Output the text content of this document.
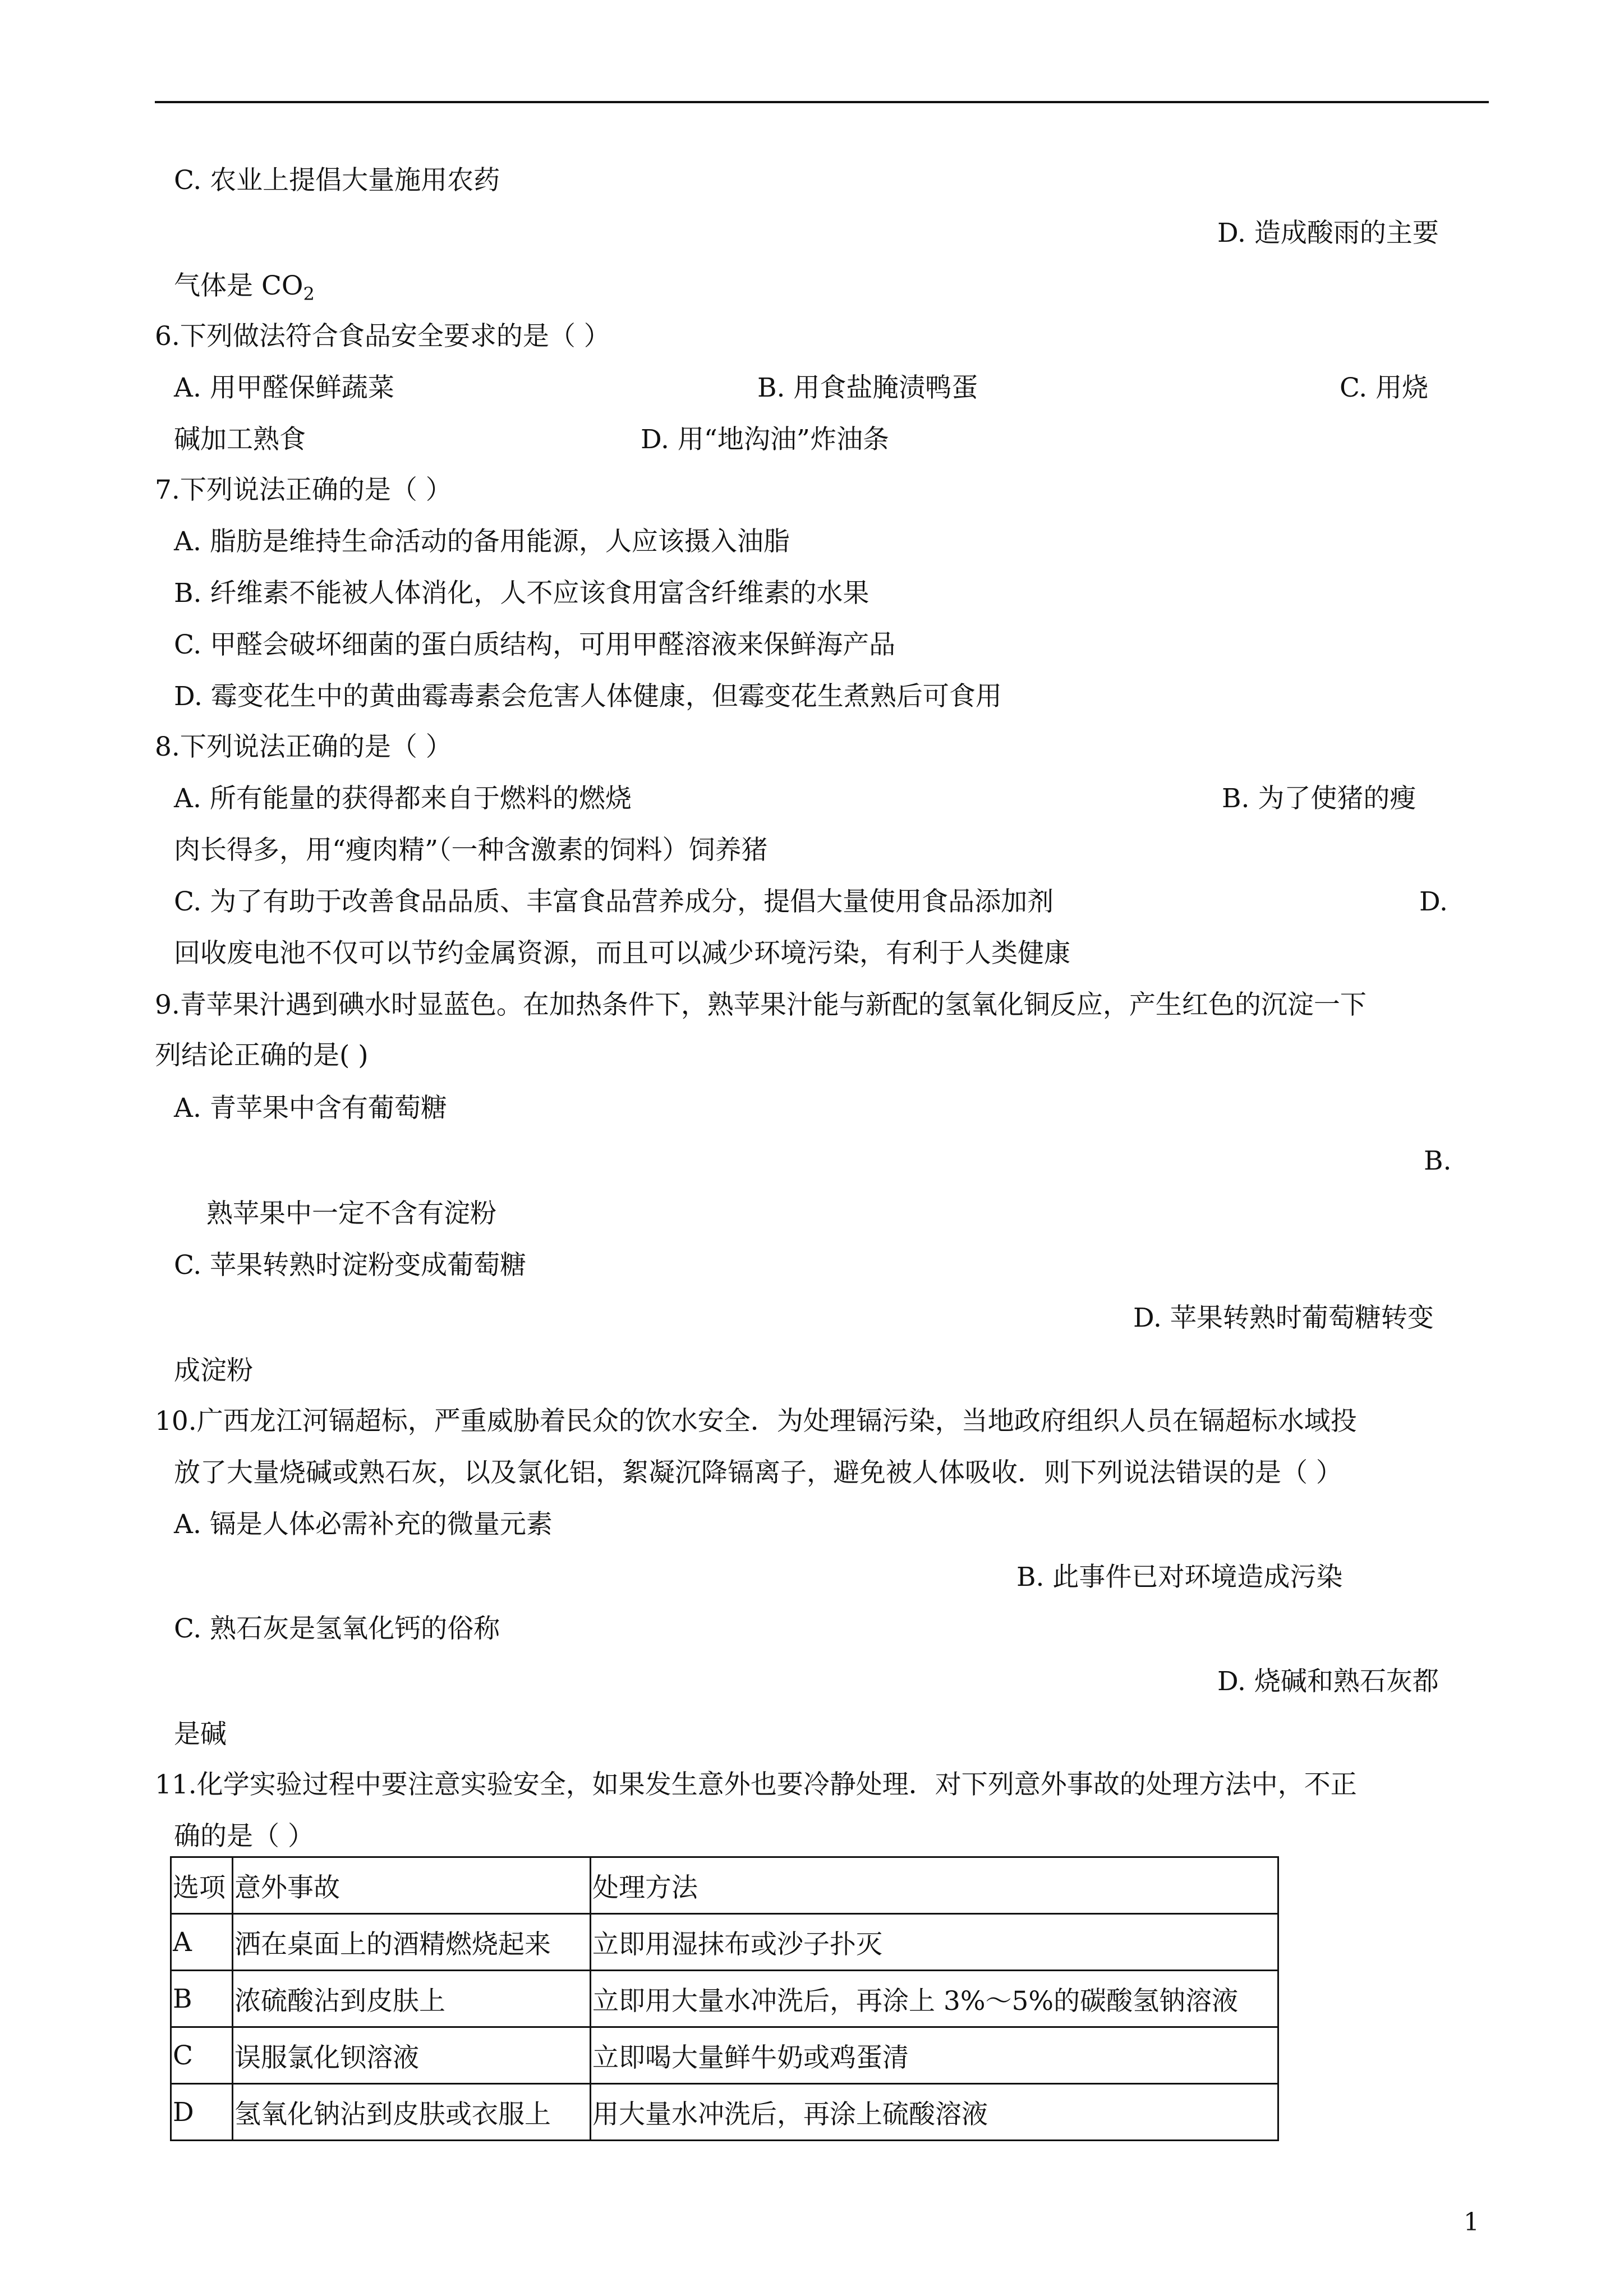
C. 农业上提倡大量施用农药
D. 造成酸雨的主要
气体是 $CO_2$
6.下列做法符合食品安全要求的是（ ）
A. 用甲醛保鲜蔬菜	B. 用食盐腌渍鸭蛋	C. 用烧
碱加工熟食	D. 用“地沟油”炸油条
7.下列说法正确的是（ ）
A. 脂肪是维持生命活动的备用能源，人应该摄入油脂
B. 纤维素不能被人体消化，人不应该食用富含纤维素的水果
C. 甲醛会破坏细菌的蛋白质结构，可用甲醛溶液来保鲜海产品
D. 霉变花生中的黄曲霉毒素会危害人体健康，但霉变花生煮熟后可食用
8.下列说法正确的是（ ）
A. 所有能量的获得都来自于燃料的燃烧	B. 为了使猪的瘦
肉长得多，用“瘦肉精”（一种含激素的饲料）饲养猪
C. 为了有助于改善食品品质、丰富食品营养成分，提倡大量使用食品添加剂	D.
回收废电池不仅可以节约金属资源，而且可以减少环境污染，有利于人类健康
9.青苹果汁遇到碘水时显蓝色。在加热条件下，熟苹果汁能与新配的氢氧化铜反应，产生红色的沉淀一下
列结论正确的是( )
A. 青苹果中含有葡萄糖
B.
熟苹果中一定不含有淀粉
C. 苹果转熟时淀粉变成葡萄糖
D. 苹果转熟时葡萄糖转变
成淀粉
10.广西龙江河镉超标，严重威胁着民众的饮水安全．为处理镉污染，当地政府组织人员在镉超标水域投
放了大量烧碱或熟石灰，以及氯化铝，絮凝沉降镉离子，避免被人体吸收．则下列说法错误的是（ ）
A. 镉是人体必需补充的微量元素
B. 此事件已对环境造成污染
C. 熟石灰是氢氧化钙的俗称
D. 烧碱和熟石灰都
是碱
11.化学实验过程中要注意实验安全，如果发生意外也要冷静处理．对下列意外事故的处理方法中，不正
确的是（ ）
选项	意外事故	处理方法
A	洒在桌面上的酒精燃烧起来	立即用湿抹布或沙子扑灭
B	浓硫酸沾到皮肤上	立即用大量水冲洗后，再涂上 3%～5%的碳酸氢钠溶液
C	误服氯化钡溶液	立即喝大量鲜牛奶或鸡蛋清
D	氢氧化钠沾到皮肤或衣服上	用大量水冲洗后，再涂上硫酸溶液
1
